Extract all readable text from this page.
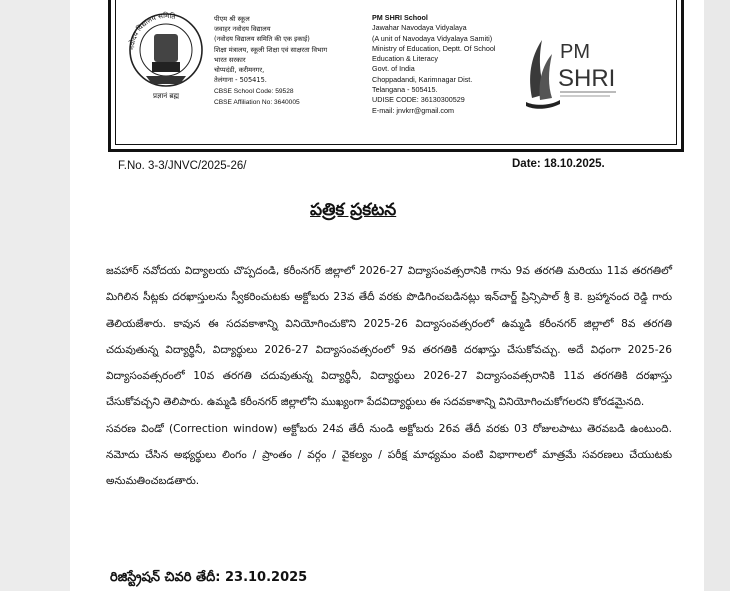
नवोदय विद्यालय समिति
प्रज्ञानं ब्रह्म
पीएम श्री स्कूल
जवाहर नवोदय विद्यालय
(नवोदय विद्यालय समिति की एक इकाई)
शिक्षा मंत्रालय, स्कूली शिक्षा एवं साक्षरता विभाग
भारत सरकार
चोप्पदंडी, करीमनगर,
तेलंगाना - 505415.
CBSE School Code: 59528
CBSE Affiliation No: 3640005
PM SHRI School
Jawahar Navodaya Vidyalaya
(A unit of Navodaya Vidyalaya Samiti)
Ministry of Education, Deptt. Of School
Education & Literacy
Govt. of India
Choppadandi, Karimnagar Dist.
Telangana - 505415.
UDISE CODE: 36130300529
E-mail: jnvkrr@gmail.com
PM
SHRI
F.No. 3-3/JNVC/2025-26/	Date: 18.10.2025.
పత్రిక ప్రకటన

జవహార్ నవోదయ విద్యాలయ చొప్పదండి, కరీంనగర్ జిల్లాలో 2026-27 విద్యాసంవత్సరానికి గాను 9వ తరగతి మరియు 11వ తరగతిలో మిగిలిన సీట్లకు దరఖాస్తులను స్వీకరించుటకు అక్టోబరు 23వ తేదీ వరకు పొడిగించబడినట్లు ఇన్‌చార్జ్ ప్రిన్సిపాల్ శ్రీ కె. బ్రహ్మానంద రెడ్డి గారు తెలియజేశారు. కావున ఈ సదవకాశాన్ని వినియోగించుకొని 2025-26 విద్యాసంవత్సరంలో ఉమ్మడి కరీంనగర్ జిల్లాలో 8వ తరగతి చదువుతున్న విద్యార్థినీ, విద్యార్థులు 2026-27 విద్యాసంవత్సరంలో 9వ తరగతికి దరఖాస్తు చేసుకోవచ్చు. అదే విధంగా 2025-26 విద్యాసంవత్సరంలో 10వ తరగతి చదువుతున్న విద్యార్థినీ, విద్యార్థులు 2026-27 విద్యాసంవత్సరానికి 11వ తరగతికి దరఖాస్తు చేసుకోవచ్చని తెలిపారు. ఉమ్మడి కరీంనగర్ జిల్లాలోని ముఖ్యంగా పేదవిద్యార్థులు ఈ సదవకాశాన్ని వినియోగించుకోగలరని కోరడమైనది.

సవరణ విండో (Correction window) అక్టోబరు 24వ తేదీ నుండి అక్టోబరు 26వ తేదీ వరకు 03 రోజులపాటు తెరవబడి ఉంటుంది. నమోదు చేసిన అభ్యర్థులు లింగం / ప్రాంతం / వర్గం / వైకల్యం / పరీక్ష మాధ్యమం వంటి విభాగాలలో మాత్రమే సవరణలు చేయుటకు అనుమతించబడతారు.

రిజిస్ట్రేషన్ చివరి తేదీ: 23.10.2025
